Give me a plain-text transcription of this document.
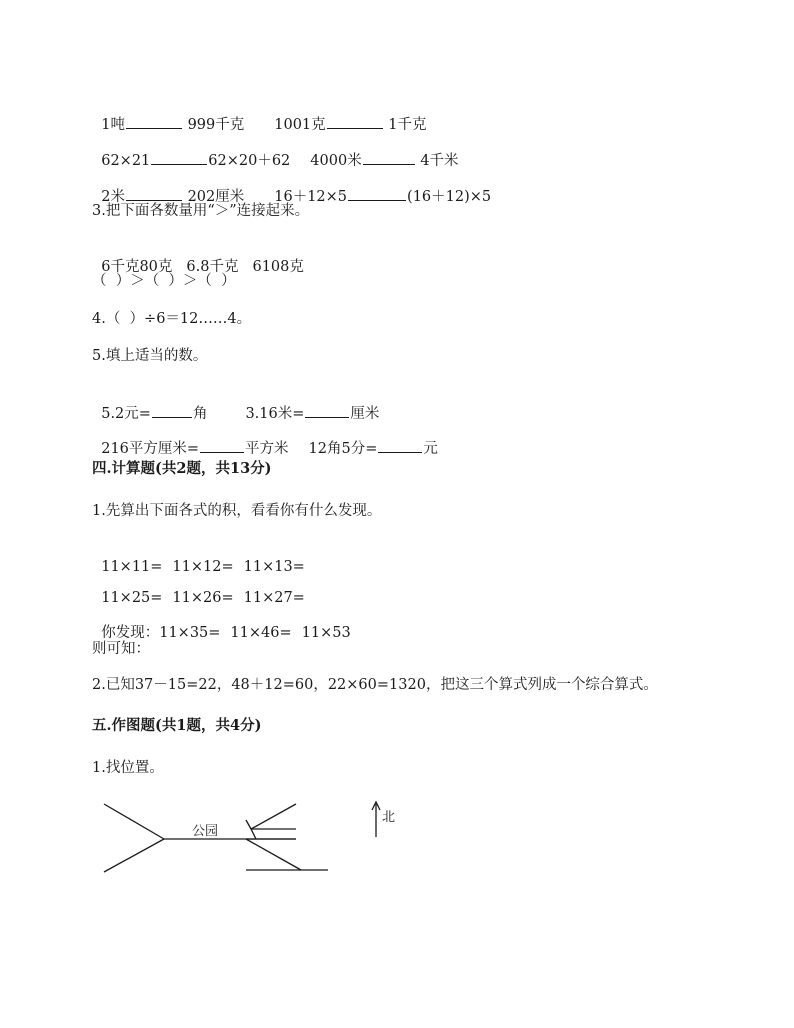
1吨	999千克 1001克	1千克

62×21	62×20＋62 4000米	4千米

2米	202厘米 16＋12×5	(16＋12)×5

3.把下面各数量用“＞”连接起来。

6千克80克 6.8千克 6108克

（  ）＞（  ）＞（  ）
4.（  ）÷6＝12……4。
5.填上适当的数。

5.2元=	角	3.16米=	厘米

216平方厘米=	平方米 12角5分=	元

四.计算题(共2题，共13分)
1.先算出下面各式的积，看看你有什么发现。

11×11= 11×12= 11×13=

11×25= 11×26= 11×27=

你发现：11×35= 11×46= 11×53

则可知：
2.已知37－15=22，48＋12=60，22×60=1320，把这三个算式列成一个综合算式。
五.作图题(共1题，共4分)
1.找位置。
公园
北
